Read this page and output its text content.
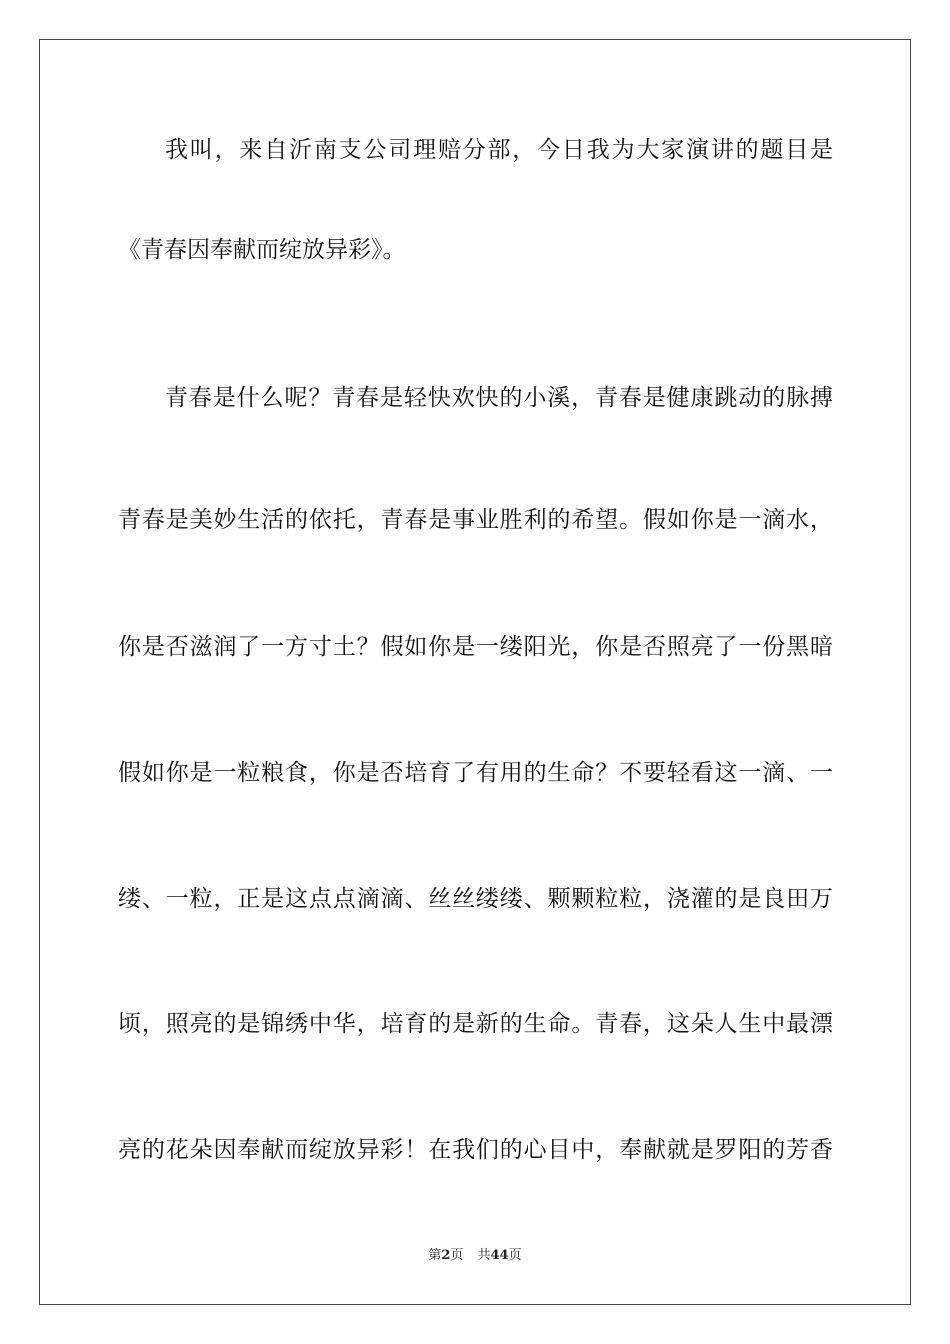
我叫，来自沂南支公司理赔分部，今日我为大家演讲的题目是
《青春因奉献而绽放异彩》。
青春是什么呢？青春是轻快欢快的小溪，青春是健康跳动的脉搏
青春是美妙生活的依托，青春是事业胜利的希望。假如你是一滴水，
你是否滋润了一方寸土？假如你是一缕阳光，你是否照亮了一份黑暗
假如你是一粒粮食，你是否培育了有用的生命？不要轻看这一滴、一
缕、一粒，正是这点点滴滴、丝丝缕缕、颗颗粒粒，浇灌的是良田万
顷，照亮的是锦绣中华，培育的是新的生命。青春，这朵人生中最漂
亮的花朵因奉献而绽放异彩！在我们的心目中，奉献就是罗阳的芳香
第2页 共44页
